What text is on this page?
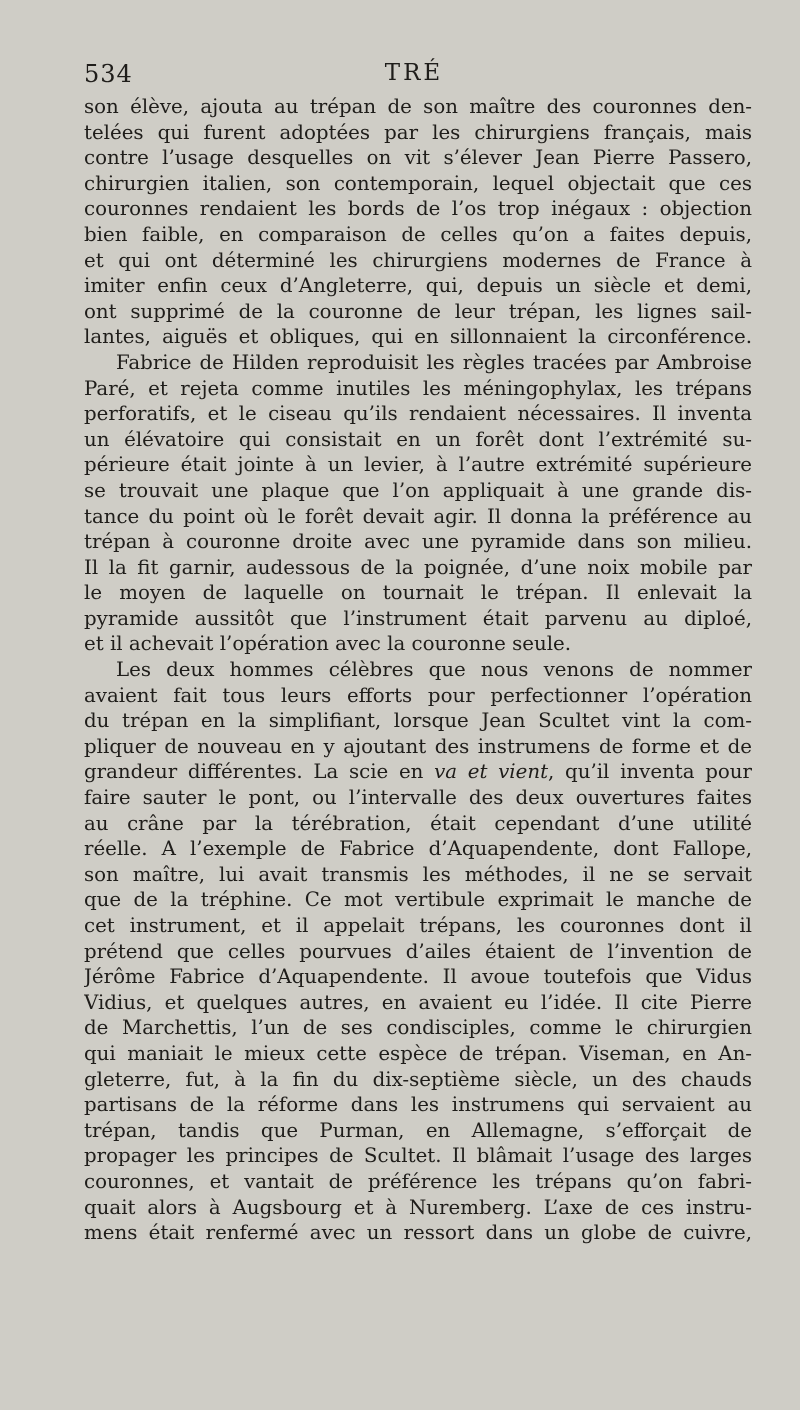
534	TRÉ
son élève, ajouta au trépan de son maître des couronnes den-
telées qui furent adoptées par les chirurgiens français, mais
contre l’usage desquelles on vit s’élever Jean Pierre Passero,
chirurgien italien, son contemporain, lequel objectait que ces
couronnes rendaient les bords de l’os trop inégaux : objection
bien faible, en comparaison de celles qu’on a faites depuis,
et qui ont déterminé les chirurgiens modernes de France à
imiter enfin ceux d’Angleterre, qui, depuis un siècle et demi,
ont supprimé de la couronne de leur trépan, les lignes sail-
lantes, aiguës et obliques, qui en sillonnaient la circonférence.
Fabrice de Hilden reproduisit les règles tracées par Ambroise
Paré, et rejeta comme inutiles les méningophylax, les trépans
perforatifs, et le ciseau qu’ils rendaient nécessaires. Il inventa
un élévatoire qui consistait en un forêt dont l’extrémité su-
périeure était jointe à un levier, à l’autre extrémité supérieure
se trouvait une plaque que l’on appliquait à une grande dis-
tance du point où le forêt devait agir. Il donna la préférence au
trépan à couronne droite avec une pyramide dans son milieu.
Il la fit garnir, audessous de la poignée, d’une noix mobile par
le moyen de laquelle on tournait le trépan. Il enlevait la
pyramide aussitôt que l’instrument était parvenu au diploé,
et il achevait l’opération avec la couronne seule.
Les deux hommes célèbres que nous venons de nommer
avaient fait tous leurs efforts pour perfectionner l’opération
du trépan en la simplifiant, lorsque Jean Scultet vint la com-
pliquer de nouveau en y ajoutant des instrumens de forme et de
grandeur différentes. La scie en va et vient, qu’il inventa pour
faire sauter le pont, ou l’intervalle des deux ouvertures faites
au crâne par la térébration, était cependant d’une utilité
réelle. A l’exemple de Fabrice d’Aquapendente, dont Fallope,
son maître, lui avait transmis les méthodes, il ne se servait
que de la tréphine. Ce mot vertibule exprimait le manche de
cet instrument, et il appelait trépans, les couronnes dont il
prétend que celles pourvues d’ailes étaient de l’invention de
Jérôme Fabrice d’Aquapendente. Il avoue toutefois que Vidus
Vidius, et quelques autres, en avaient eu l’idée. Il cite Pierre
de Marchettis, l’un de ses condisciples, comme le chirurgien
qui maniait le mieux cette espèce de trépan. Viseman, en An-
gleterre, fut, à la fin du dix-septième siècle, un des chauds
partisans de la réforme dans les instrumens qui servaient au
trépan, tandis que Purman, en Allemagne, s’efforçait de
propager les principes de Scultet. Il blâmait l’usage des larges
couronnes, et vantait de préférence les trépans qu’on fabri-
quait alors à Augsbourg et à Nuremberg. L’axe de ces instru-
mens était renfermé avec un ressort dans un globe de cuivre,
